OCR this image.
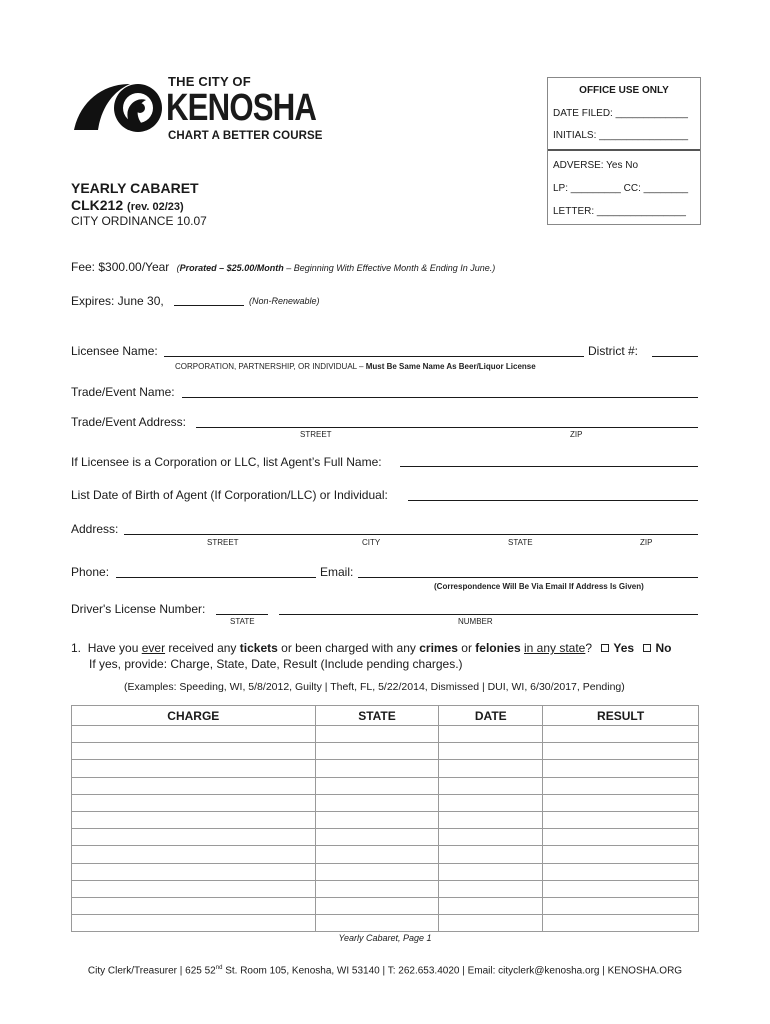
THE CITY OF
KENOSHA
CHART A BETTER COURSE
OFFICE USE ONLY
DATE FILED: _____________
INITIALS: ________________
ADVERSE: Yes No
LP: _________ CC: ________
LETTER: ________________
YEARLY CABARET
CLK212 (rev. 02/23)
CITY ORDINANCE 10.07
Fee: $300.00/Year (Prorated – $25.00/Month – Beginning With Effective Month & Ending In June.)
Expires: June 30,	(Non-Renewable)
Licensee Name:	District #:
CORPORATION, PARTNERSHIP, OR INDIVIDUAL – Must Be Same Name As Beer/Liquor License
Trade/Event Name:
Trade/Event Address:
STREET	ZIP
If Licensee is a Corporation or LLC, list Agent’s Full Name:
List Date of Birth of Agent (If Corporation/LLC) or Individual:
Address:
STREET	CITY	STATE	ZIP
Phone:	Email:
(Correspondence Will Be Via Email If Address Is Given)
Driver's License Number:
STATE	NUMBER
1. Have you ever received any tickets or been charged with any crimes or felonies in any state? Yes No
If yes, provide: Charge, State, Date, Result (Include pending charges.)
(Examples: Speeding, WI, 5/8/2012, Guilty | Theft, FL, 5/22/2014, Dismissed | DUI, WI, 6/30/2017, Pending)
CHARGE	STATE	DATE	RESULT

Yearly Cabaret, Page 1
City Clerk/Treasurer | 625 52nd St. Room 105, Kenosha, WI 53140 | T: 262.653.4020 | Email: cityclerk@kenosha.org | KENOSHA.ORG
